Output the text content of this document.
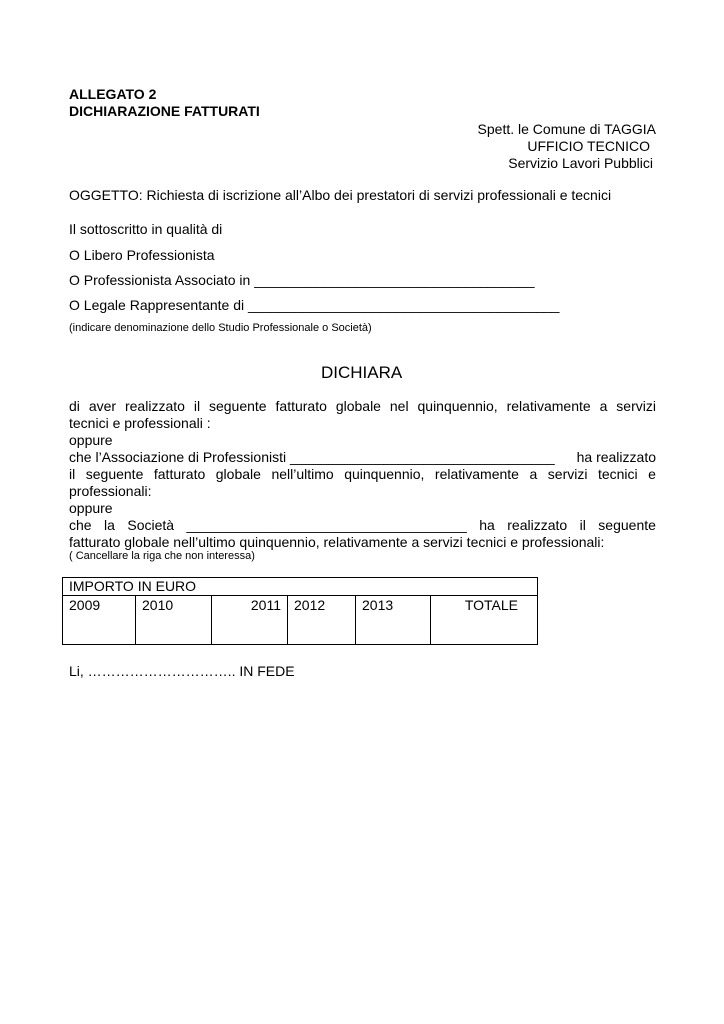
ALLEGATO 2
DICHIARAZIONE FATTURATI
Spett. le Comune di TAGGIA
UFFICIO TECNICO
Servizio Lavori Pubblici
OGGETTO: Richiesta di iscrizione all’Albo dei prestatori di servizi professionali e tecnici
Il sottoscritto in qualità di
O Libero Professionista
O Professionista Associato in ____________________________________
O Legale Rappresentante di ________________________________________
(indicare denominazione dello Studio Professionale o Società)
DICHIARA
di aver realizzato il seguente fatturato globale nel quinquennio, relativamente a servizi
tecnici e professionali :
oppure
che l’Associazione di Professionisti __________________________________ ha realizzato
il seguente fatturato globale nell’ultimo quinquennio, relativamente a servizi tecnici e
professionali:
oppure
che la Società ____________________________________ ha realizzato il seguente
fatturato globale nell’ultimo quinquennio, relativamente a servizi tecnici e professionali:
( Cancellare la riga che non interessa)
IMPORTO IN EURO
2009	2010	2011	2012	2013	TOTALE
Li, ………………………….. IN FEDE
